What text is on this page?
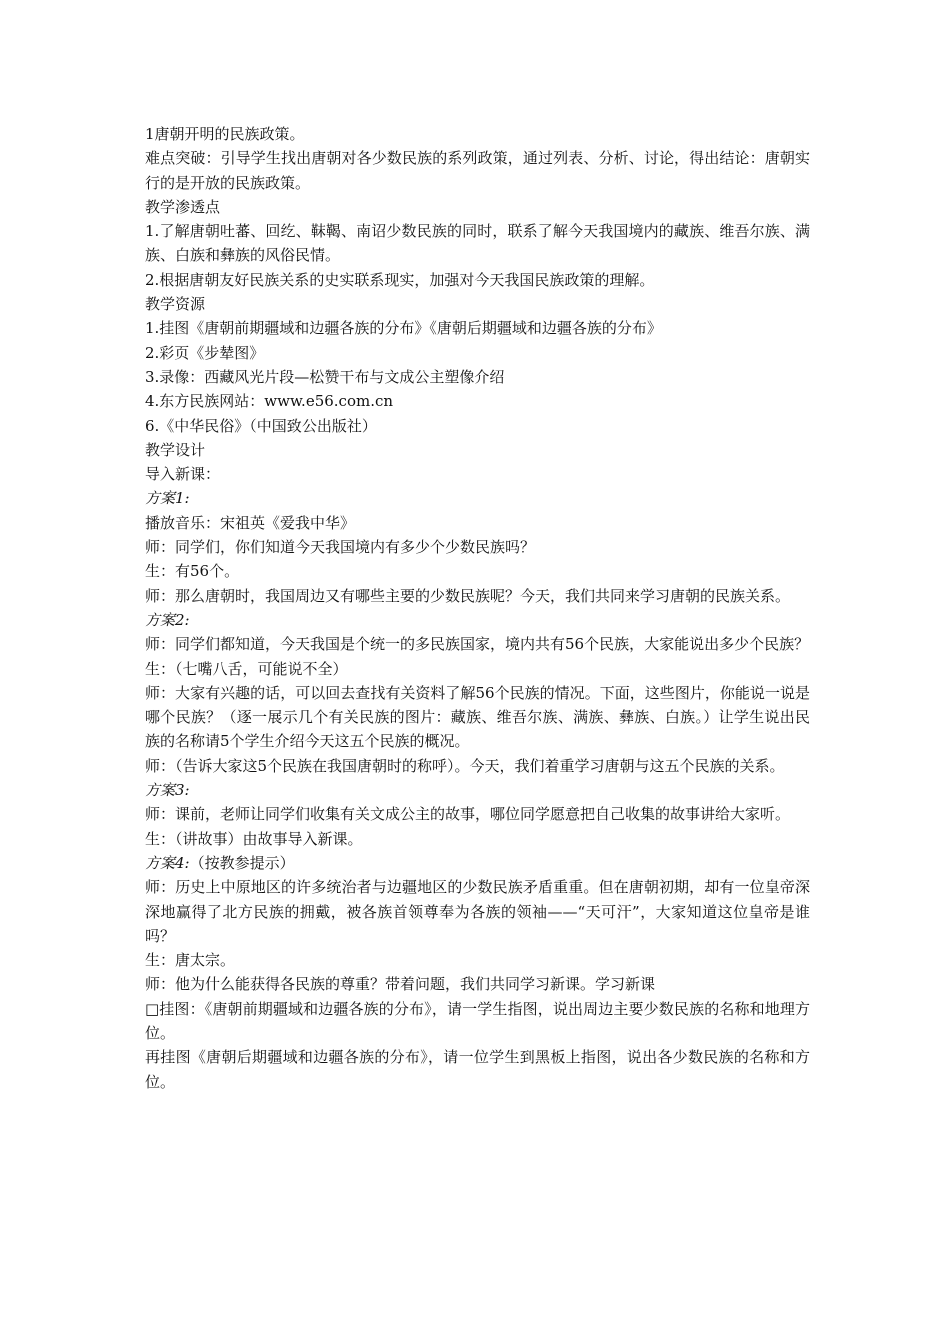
1唐朝开明的民族政策。
难点突破：引导学生找出唐朝对各少数民族的系列政策，通过列表、分析、讨论，得出结论：唐朝实行的是开放的民族政策。
教学渗透点
1.了解唐朝吐蕃、回纥、靺鞨、南诏少数民族的同时，联系了解今天我国境内的藏族、维吾尔族、满族、白族和彝族的风俗民情。
2.根据唐朝友好民族关系的史实联系现实，加强对今天我国民族政策的理解。
教学资源
1.挂图《唐朝前期疆域和边疆各族的分布》《唐朝后期疆域和边疆各族的分布》
2.彩页《步辇图》
3.录像：西藏风光片段—松赞干布与文成公主塑像介绍
4.东方民族网站：www.e56.com.cn
6.《中华民俗》（中国致公出版社）
教学设计
导入新课：
方案1:
播放音乐：宋祖英《爱我中华》
师：同学们，你们知道今天我国境内有多少个少数民族吗？
生：有56个。
师：那么唐朝时，我国周边又有哪些主要的少数民族呢？今天，我们共同来学习唐朝的民族关系。
方案2:
师：同学们都知道，今天我国是个统一的多民族国家，境内共有56个民族，大家能说出多少个民族？
生：（七嘴八舌，可能说不全）
师：大家有兴趣的话，可以回去查找有关资料了解56个民族的情况。下面，这些图片，你能说一说是哪个民族？（逐一展示几个有关民族的图片：藏族、维吾尔族、满族、彝族、白族。）让学生说出民族的名称请5个学生介绍今天这五个民族的概况。
师：（告诉大家这5个民族在我国唐朝时的称呼）。今天，我们着重学习唐朝与这五个民族的关系。
方案3:
师：课前，老师让同学们收集有关文成公主的故事，哪位同学愿意把自己收集的故事讲给大家听。
生：（讲故事）由故事导入新课。
方案4:（按教参提示）
师：历史上中原地区的许多统治者与边疆地区的少数民族矛盾重重。但在唐朝初期，却有一位皇帝深深地赢得了北方民族的拥戴，被各族首领尊奉为各族的领袖——“天可汗”，大家知道这位皇帝是谁吗？
生：唐太宗。
师：他为什么能获得各民族的尊重？带着问题，我们共同学习新课。学习新课
□挂图：《唐朝前期疆域和边疆各族的分布》，请一学生指图，说出周边主要少数民族的名称和地理方位。
再挂图《唐朝后期疆域和边疆各族的分布》，请一位学生到黑板上指图，说出各少数民族的名称和方位。
